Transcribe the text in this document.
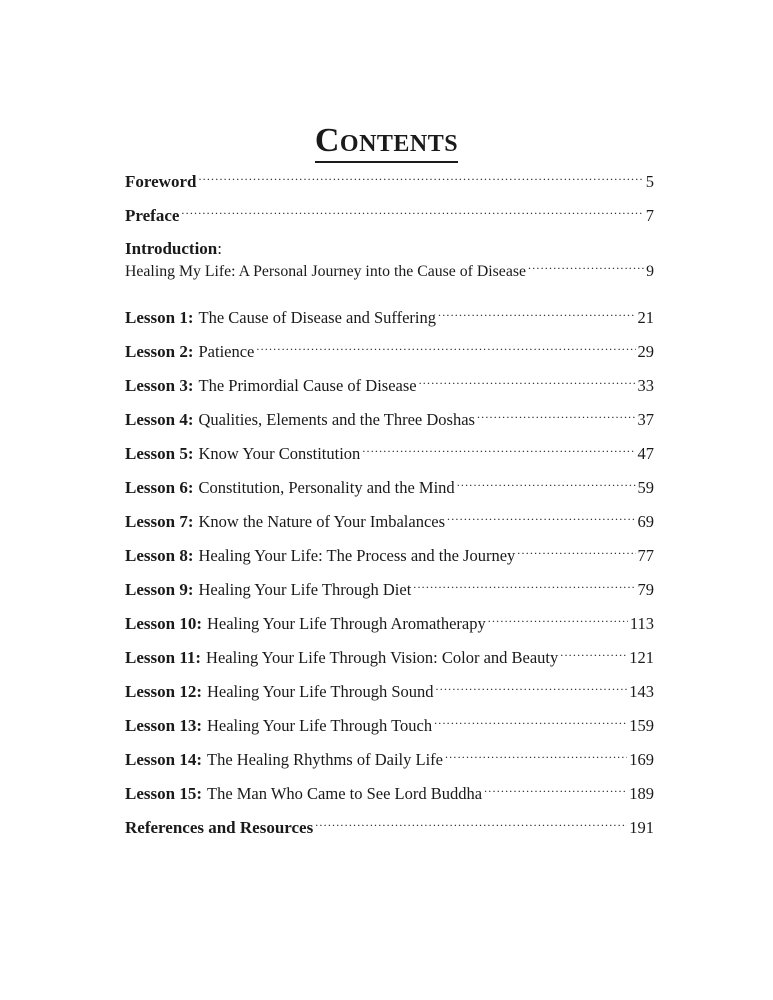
Contents
Foreword .....	5
Preface .....	7
Introduction:
Healing My Life: A Personal Journey into the Cause of Disease .....	9
Lesson 1: The Cause of Disease and Suffering .....	21
Lesson 2: Patience .....	29
Lesson 3: The Primordial Cause of Disease .....	33
Lesson 4: Qualities, Elements and the Three Doshas .....	37
Lesson 5: Know Your Constitution .....	47
Lesson 6: Constitution, Personality and the Mind .....	59
Lesson 7: Know the Nature of Your Imbalances .....	69
Lesson 8: Healing Your Life: The Process and the Journey .....	77
Lesson 9: Healing Your Life Through Diet .....	79
Lesson 10: Healing Your Life Through Aromatherapy .....	113
Lesson 11: Healing Your Life Through Vision: Color and Beauty .....	121
Lesson 12: Healing Your Life Through Sound .....	143
Lesson 13: Healing Your Life Through Touch .....	159
Lesson 14: The Healing Rhythms of Daily Life .....	169
Lesson 15: The Man Who Came to See Lord Buddha .....	189
References and Resources .....	191
